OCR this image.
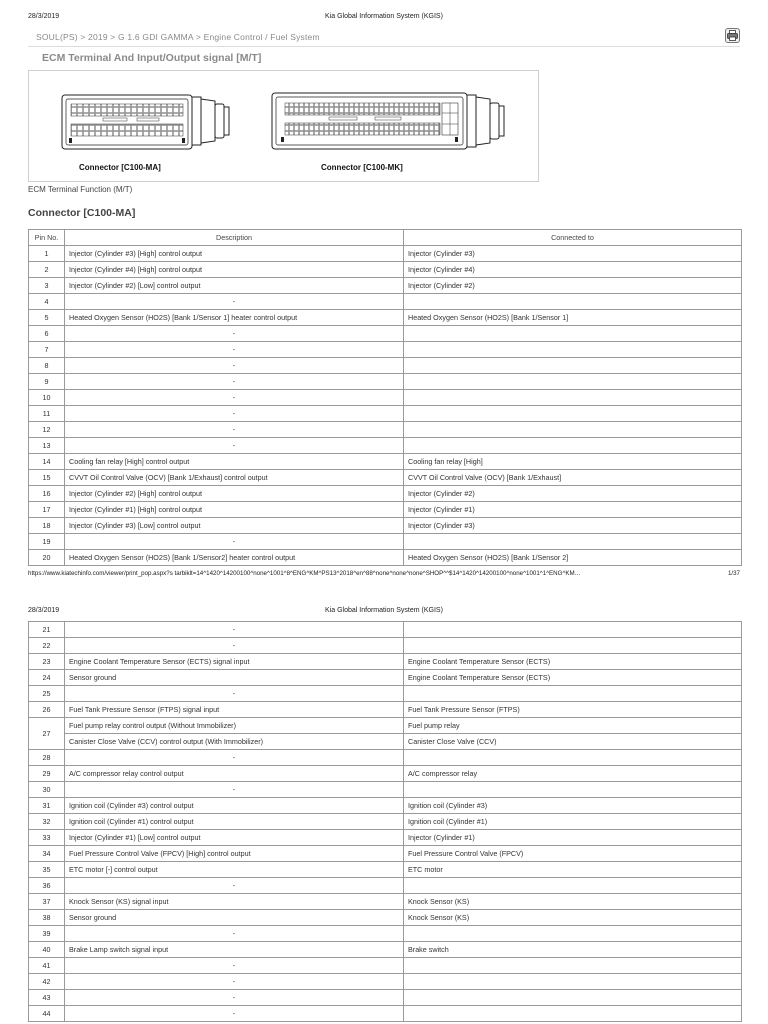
28/3/2019	Kia Global Information System (KGIS)
SOUL(PS) > 2019 > G 1.6 GDI GAMMA > Engine Control / Fuel System
ECM Terminal And Input/Output signal [M/T]
Connector [C100-MA]	Connector [C100-MK]
ECM Terminal Function (M/T)
Connector [C100-MA]
Pin No.	Description	Connected to
1	Injector (Cylinder #3) [High] control output	Injector (Cylinder #3)
2	Injector (Cylinder #4) [High] control output	Injector (Cylinder #4)
3	Injector (Cylinder #2) [Low] control output	Injector (Cylinder #2)
4	-	
5	Heated Oxygen Sensor (HO2S) [Bank 1/Sensor 1] heater control output	Heated Oxygen Sensor (HO2S) [Bank 1/Sensor 1]
6	-	
7	-	
8	-	
9	-	
10	-	
11	-	
12	-	
13	-	
14	Cooling fan relay [High] control output	Cooling fan relay [High]
15	CVVT Oil Control Valve (OCV) [Bank 1/Exhaust] control output	CVVT Oil Control Valve (OCV) [Bank 1/Exhaust]
16	Injector (Cylinder #2) [High] control output	Injector (Cylinder #2)
17	Injector (Cylinder #1) [High] control output	Injector (Cylinder #1)
18	Injector (Cylinder #3) [Low] control output	Injector (Cylinder #3)
19	-	
20	Heated Oxygen Sensor (HO2S) [Bank 1/Sensor2] heater control output	Heated Oxygen Sensor (HO2S) [Bank 1/Sensor 2]
https://www.kiatechinfo.com/viewer/print_pop.aspx?s tarbiklt=14^1420^14200100^none^1001^8^ENG^KM^PS13^2018^en^88^none^none^none^SHOP^^$14^1420^14200100^none^1001^1^ENG^KM…	1/37
28/3/2019	Kia Global Information System (KGIS)
21	-	
22	-	
23	Engine Coolant Temperature Sensor (ECTS) signal input	Engine Coolant Temperature Sensor (ECTS)
24	Sensor ground	Engine Coolant Temperature Sensor (ECTS)
25	-	
26	Fuel Tank Pressure Sensor (FTPS) signal input	Fuel Tank Pressure Sensor (FTPS)
27	Fuel pump relay control output (Without Immobilizer)	Fuel pump relay
	Canister Close Valve (CCV) control output (With Immobilizer)	Canister Close Valve (CCV)
28	-	
29	A/C compressor relay control output	A/C compressor relay
30	-	
31	Ignition coil (Cylinder #3) control output	Ignition coil (Cylinder #3)
32	Ignition coil (Cylinder #1) control output	Ignition coil (Cylinder #1)
33	Injector (Cylinder #1) [Low] control output	Injector (Cylinder #1)
34	Fuel Pressure Control Valve (FPCV) [High] control output	Fuel Pressure Control Valve (FPCV)
35	ETC motor [-] control output	ETC motor
36	-	
37	Knock Sensor (KS) signal input	Knock Sensor (KS)
38	Sensor ground	Knock Sensor (KS)
39	-	
40	Brake Lamp switch signal input	Brake switch
41	-	
42	-	
43	-	
44	-	
